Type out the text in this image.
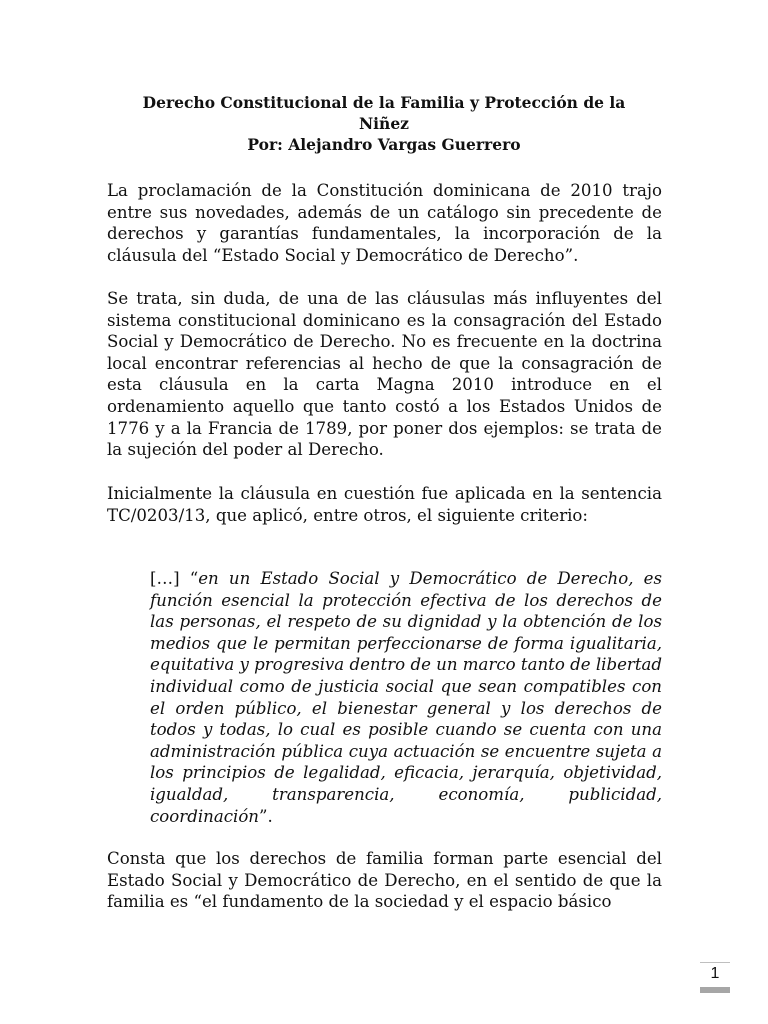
Derecho Constitucional de la Familia y Protección de la
Niñez
Por: Alejandro Vargas Guerrero

La proclamación de la Constitución dominicana de 2010 trajo entre sus novedades, además de un catálogo sin precedente de derechos y garantías fundamentales, la incorporación de la cláusula del “Estado Social y Democrático de Derecho”.

Se trata, sin duda, de una de las cláusulas más influyentes del sistema constitucional dominicano es la consagración del Estado Social y Democrático de Derecho. No es frecuente en la doctrina local encontrar referencias al hecho de que la consagración de esta cláusula en la carta Magna 2010 introduce en el ordenamiento aquello que tanto costó a los Estados Unidos de 1776 y a la Francia de 1789, por poner dos ejemplos: se trata de la sujeción del poder al Derecho.

Inicialmente la cláusula en cuestión fue aplicada en la sentencia TC/0203/13, que aplicó, entre otros, el siguiente criterio:

[…] “en un Estado Social y Democrático de Derecho, es función esencial la protección efectiva de los derechos de las personas, el respeto de su dignidad y la obtención de los medios que le permitan perfeccionarse de forma igualitaria, equitativa y progresiva dentro de un marco tanto de libertad individual como de justicia social que sean compatibles con el orden público, el bienestar general y los derechos de todos y todas, lo cual es posible cuando se cuenta con una administración pública cuya actuación se encuentre sujeta a los principios de legalidad, eficacia, jerarquía, objetividad, igualdad, transparencia, economía, publicidad, coordinación”.

Consta que los derechos de familia forman parte esencial del Estado Social y Democrático de Derecho, en el sentido de que la familia es “el fundamento de la sociedad y el espacio básico

1
